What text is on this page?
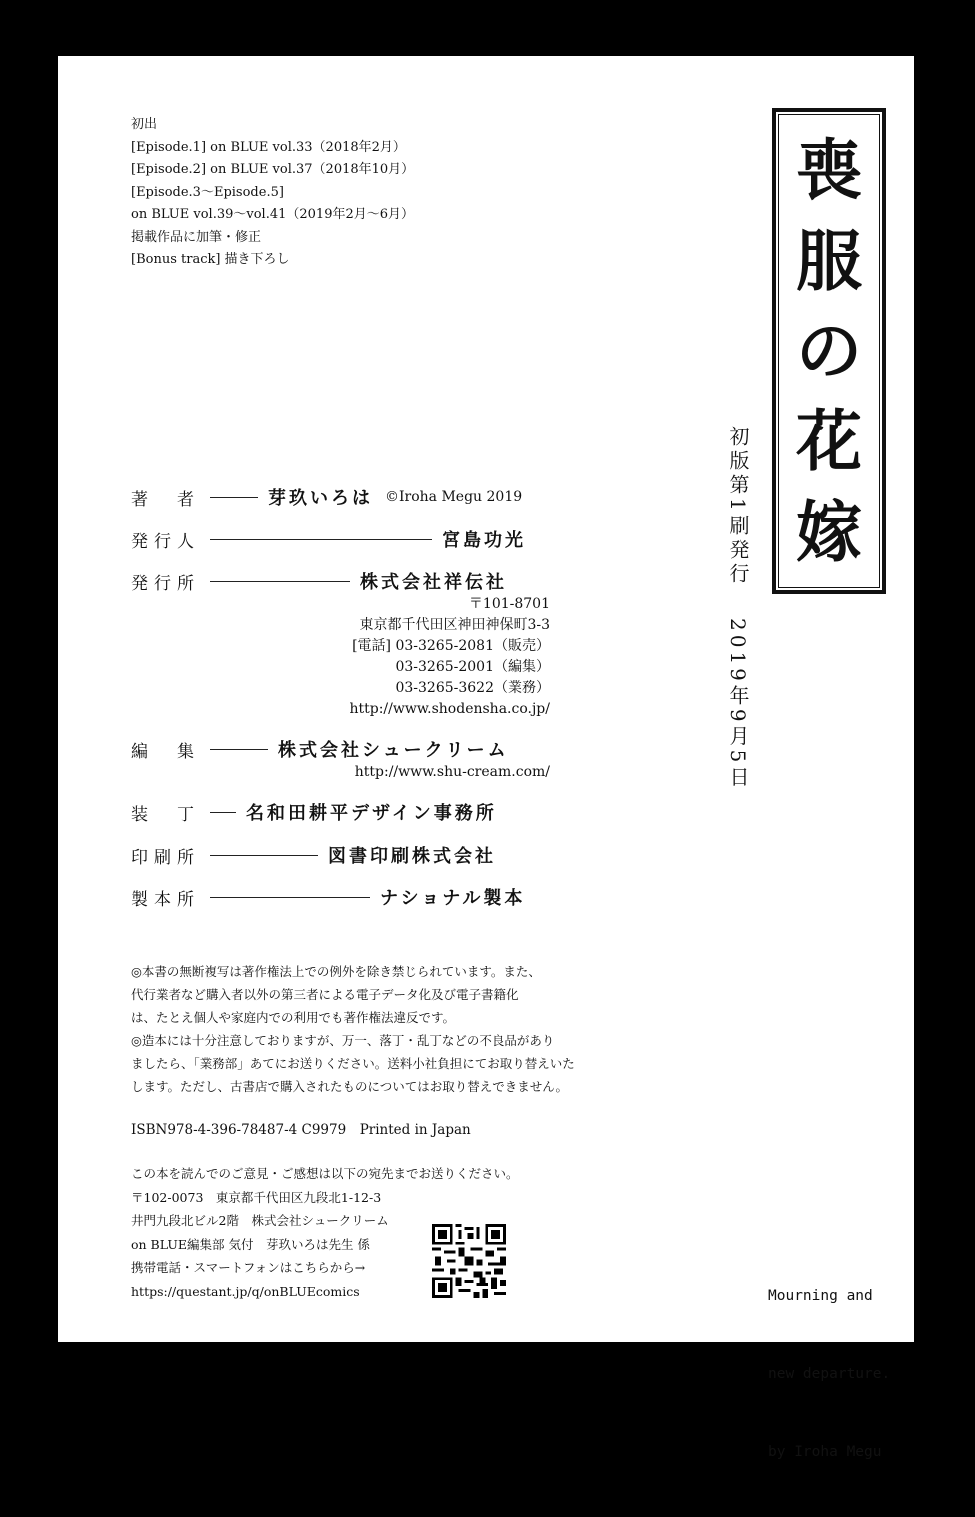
初出
[Episode.1] on BLUE vol.33（2018年2月）
[Episode.2] on BLUE vol.37（2018年10月）
[Episode.3～Episode.5]
on BLUE vol.39～vol.41（2019年2月～6月）
掲載作品に加筆・修正
[Bonus track] 描き下ろし
喪
服
の
花
嫁
初版第1刷発行
2019年9月5日
著　者	芽玖いろは ©Iroha Megu 2019
発行人	宮島功光
発行所	株式会社祥伝社
〒101-8701
東京都千代田区神田神保町3-3
[電話] 03-3265-2081（販売）
03-3265-2001（編集）
03-3265-3622（業務）
http://www.shodensha.co.jp/
編　集	株式会社シュークリーム
http://www.shu-cream.com/
装　丁	名和田耕平デザイン事務所
印刷所	図書印刷株式会社
製本所	ナショナル製本
◎本書の無断複写は著作権法上での例外を除き禁じられています。また、
代行業者など購入者以外の第三者による電子データ化及び電子書籍化
は、たとえ個人や家庭内での利用でも著作権法違反です。
◎造本には十分注意しておりますが、万一、落丁・乱丁などの不良品があり
ましたら、「業務部」あてにお送りください。送料小社負担にてお取り替えいた
します。ただし、古書店で購入されたものについてはお取り替えできません。
ISBN978-4-396-78487-4 C9979　Printed in Japan
この本を読んでのご意見・ご感想は以下の宛先までお送りください。
〒102-0073　東京都千代田区九段北1-12-3
井門九段北ビル2階　株式会社シュークリーム
on BLUE編集部 気付　芽玖いろは先生 係
携帯電話・スマートフォンはこちらから→
https://questant.jp/q/onBLUEcomics

	Mourning and

new departure.

by Iroha Megu
